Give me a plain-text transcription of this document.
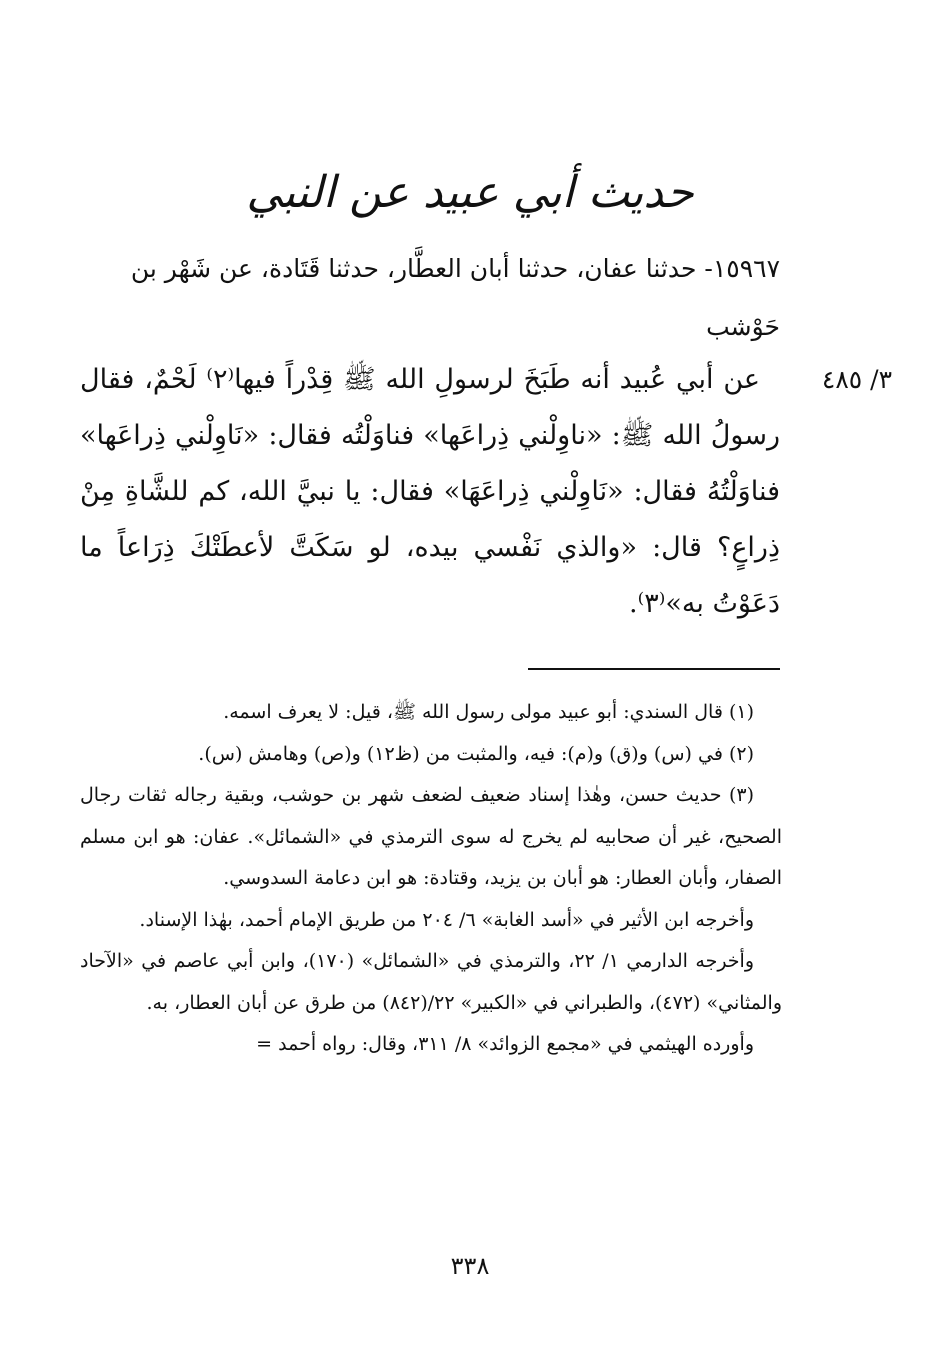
حديث أبي عبيد عن النبي
١٥٩٦٧- حدثنا عفان، حدثنا أبان العطَّار، حدثنا قَتَادة، عن شَهْر بن
حَوْشب
٣/ ٤٨٥

عن أبي عُبيد أنه طَبَخَ لرسولِ الله ﷺ قِدْراً فيها⁽٢⁾ لَحْمٌ، فقال رسولُ الله ﷺ: «ناوِلْني ذِراعَها» فناوَلْتُه فقال: «نَاوِلْني ذِراعَها» فناوَلْتُهُ فقال: «نَاوِلْني ذِراعَهَا» فقال: يا نبيَّ الله، كم للشَّاةِ مِنْ ذِراعٍ؟ قال: «والذي نَفْسي بيده، لو سَكَتَّ لأعطَتْكَ ذِرَاعاً ما دَعَوْتُ به»⁽٣⁾.

(١) قال السندي: أبو عبيد مولى رسول الله ﷺ، قيل: لا يعرف اسمه.

(٢) في (س) و(ق) و(م): فيه، والمثبت من (ظ١٢) و(ص) وهامش (س).

(٣) حديث حسن، وهٰذا إسناد ضعيف لضعف شهر بن حوشب، وبقية رجاله ثقات رجال الصحيح، غير أن صحابيه لم يخرج له سوى الترمذي في «الشمائل». عفان: هو ابن مسلم الصفار، وأبان العطار: هو أبان بن يزيد، وقتادة: هو ابن دعامة السدوسي.

وأخرجه ابن الأثير في «أسد الغابة» ٦/ ٢٠٤ من طريق الإمام أحمد، بهٰذا الإسناد.

وأخرجه الدارمي ١/ ٢٢، والترمذي في «الشمائل» (١٧٠)، وابن أبي عاصم في «الآحاد والمثاني» (٤٧٢)، والطبراني في «الكبير» ٢٢/(٨٤٢) من طرق عن أبان العطار، به.

وأورده الهيثمي في «مجمع الزوائد» ٨/ ٣١١، وقال: رواه أحمد =

٣٣٨
